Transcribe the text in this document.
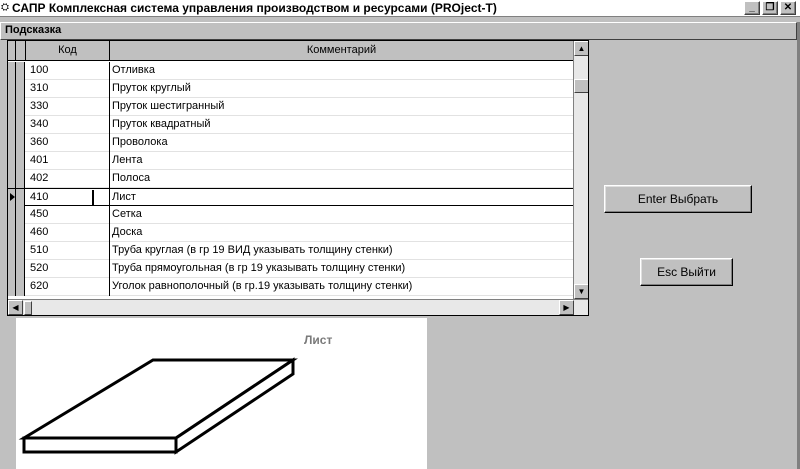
⛭ САПР Комплексная система управления производством и ресурсами (PROject-T)	_	❐ ✕
Подсказка
Код	Комментарий
100	Отливка
310	Пруток круглый
330	Пруток шестигранный
340	Пруток квадратный
360	Проволока
401	Лента
402	Полоса
410	Лист
450	Сетка
460	Доска
510	Труба круглая (в гр 19 ВИД указывать толщину стенки)
520	Труба прямоугольная (в гр 19 указывать толщину стенки)
620	Уголок равнополочный (в гр.19 указывать толщину стенки)
▲
▼
◀	▶
Enter Выбрать
Esc Выйти
Лист
